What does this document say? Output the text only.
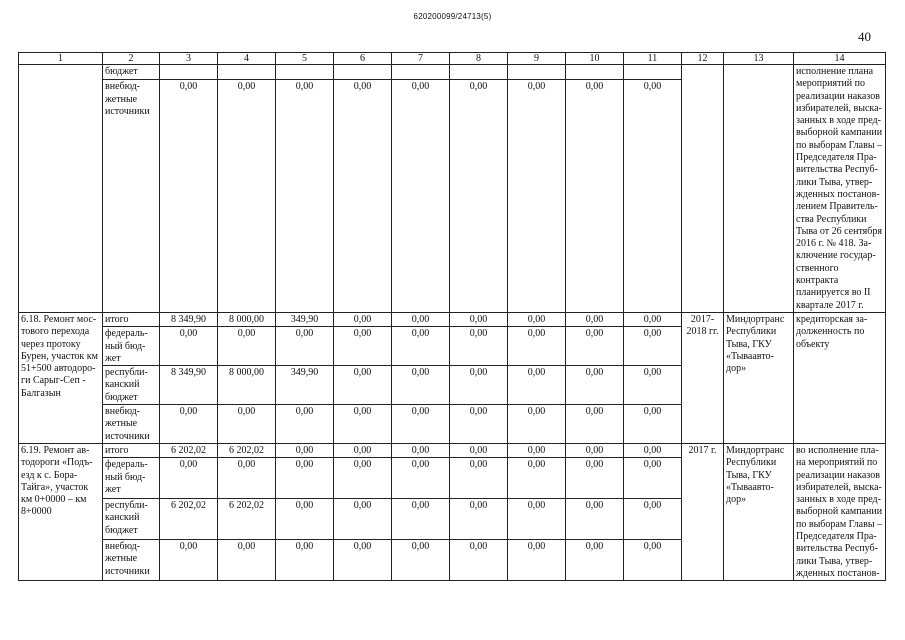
620200099/24713(5)
40
1	2	3	4	5	6	7	8	9	10	11	12	13	14
	бюджет												исполнение плана мероприятий по реализации наказов избирателей, выска-занных в ходе пред-выборной кампании по выборам Главы – Председателя Пра-вительства Респуб-лики Тыва, утвер-жденных постанов-лением Правитель-ства Республики Тыва от 26 сентября 2016 г. № 418. За-ключение государ-ственного контракта планируется во II квартале 2017 г.
	внебюд-
жетные
источники	0,00	0,00	0,00	0,00	0,00	0,00	0,00	0,00	0,00			
6.18. Ремонт мос-тового перехода через протоку Бурен, участок км 51+500 автодоро-ги Сарыг-Сеп - Балгазын	итого	8 349,90	8 000,00	349,90	0,00	0,00	0,00	0,00	0,00	0,00	2017-
2018 гг.	Миндортранс Республики Тыва, ГКУ «Тываавто-дор»	кредиторская за-долженность по объекту
	федераль-
ный бюд-
жет	0,00	0,00	0,00	0,00	0,00	0,00	0,00	0,00	0,00			
	республи-
канский
бюджет	8 349,90	8 000,00	349,90	0,00	0,00	0,00	0,00	0,00	0,00			
	внебюд-
жетные
источники	0,00	0,00	0,00	0,00	0,00	0,00	0,00	0,00	0,00			
6.19. Ремонт ав-тодороги «Подъ-езд к с. Бора-Тайга», участок км 0+0000 – км 8+0000	итого	6 202,02	6 202,02	0,00	0,00	0,00	0,00	0,00	0,00	0,00	2017 г.	Миндортранс Республики Тыва, ГКУ «Тываавто-дор»	во исполнение пла-на мероприятий по реализации наказов избирателей, выска-занных в ходе пред-выборной кампании по выборам Главы – Председателя Пра-вительства Респуб-лики Тыва, утвер-жденных постанов-
	федераль-
ный бюд-
жет	0,00	0,00	0,00	0,00	0,00	0,00	0,00	0,00	0,00			
	республи-
канский
бюджет	6 202,02	6 202,02	0,00	0,00	0,00	0,00	0,00	0,00	0,00			
	внебюд-
жетные
источники	0,00	0,00	0,00	0,00	0,00	0,00	0,00	0,00	0,00			
